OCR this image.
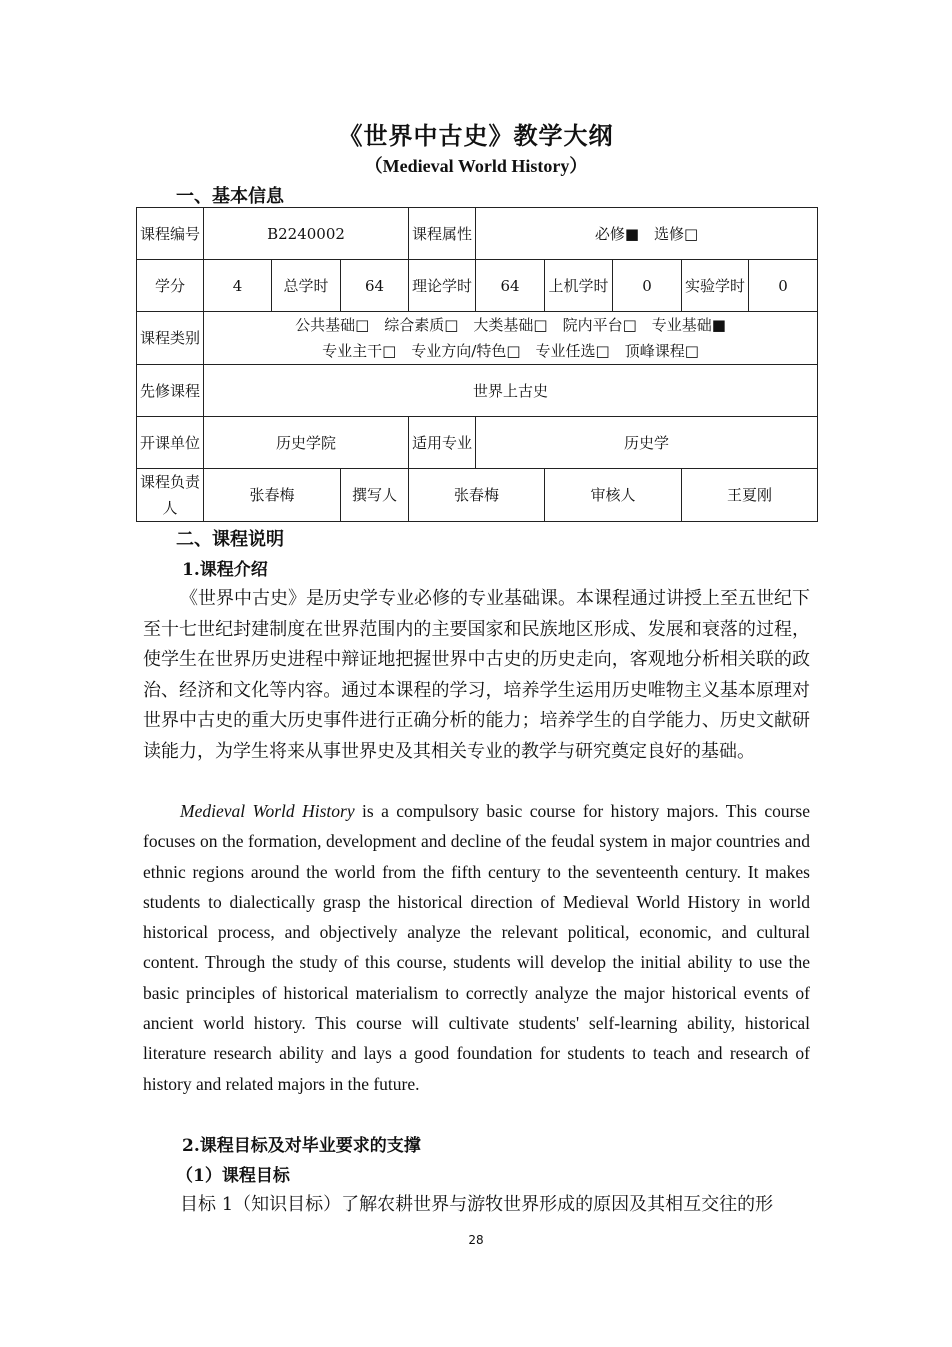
《世界中古史》教学大纲
（Medieval World History）
一、基本信息
课程编号	B2240002			课程属性	必修■　选修□				
学分	4	总学时	64	理论学时	64	上机学时	0	实验学时	0
课程类别	公共基础□　综合素质□　大类基础□　院内平台□　专业基础■
专业主干□　专业方向/特色□　专业任选□　顶峰课程□								

先修课程	世界上古史								
开课单位	历史学院			适用专业	历史学				
课程负责人	张春梅		撰写人	张春梅		审核人		王夏刚	
二、课程说明
1.课程介绍

《世界中古史》是历史学专业必修的专业基础课。本课程通过讲授上至五世纪下至十七世纪封建制度在世界范围内的主要国家和民族地区形成、发展和衰落的过程，使学生在世界历史进程中辩证地把握世界中古史的历史走向，客观地分析相关联的政治、经济和文化等内容。通过本课程的学习，培养学生运用历史唯物主义基本原理对世界中古史的重大历史事件进行正确分析的能力；培养学生的自学能力、历史文献研读能力，为学生将来从事世界史及其相关专业的教学与研究奠定良好的基础。

Medieval World History is a compulsory basic course for history majors. This course focuses on the formation, development and decline of the feudal system in major countries and ethnic regions around the world from the fifth century to the seventeenth century. It makes students to dialectically grasp the historical direction of Medieval World History in world historical process, and objectively analyze the relevant political, economic, and cultural content. Through the study of this course, students will develop the initial ability to use the basic principles of historical materialism to correctly analyze the major historical events of ancient world history. This course will cultivate students' self-learning ability, historical literature research ability and lays a good foundation for students to teach and research of history and related majors in the future.

2.课程目标及对毕业要求的支撑
（1）课程目标

目标 1（知识目标）了解农耕世界与游牧世界形成的原因及其相互交往的形

28
